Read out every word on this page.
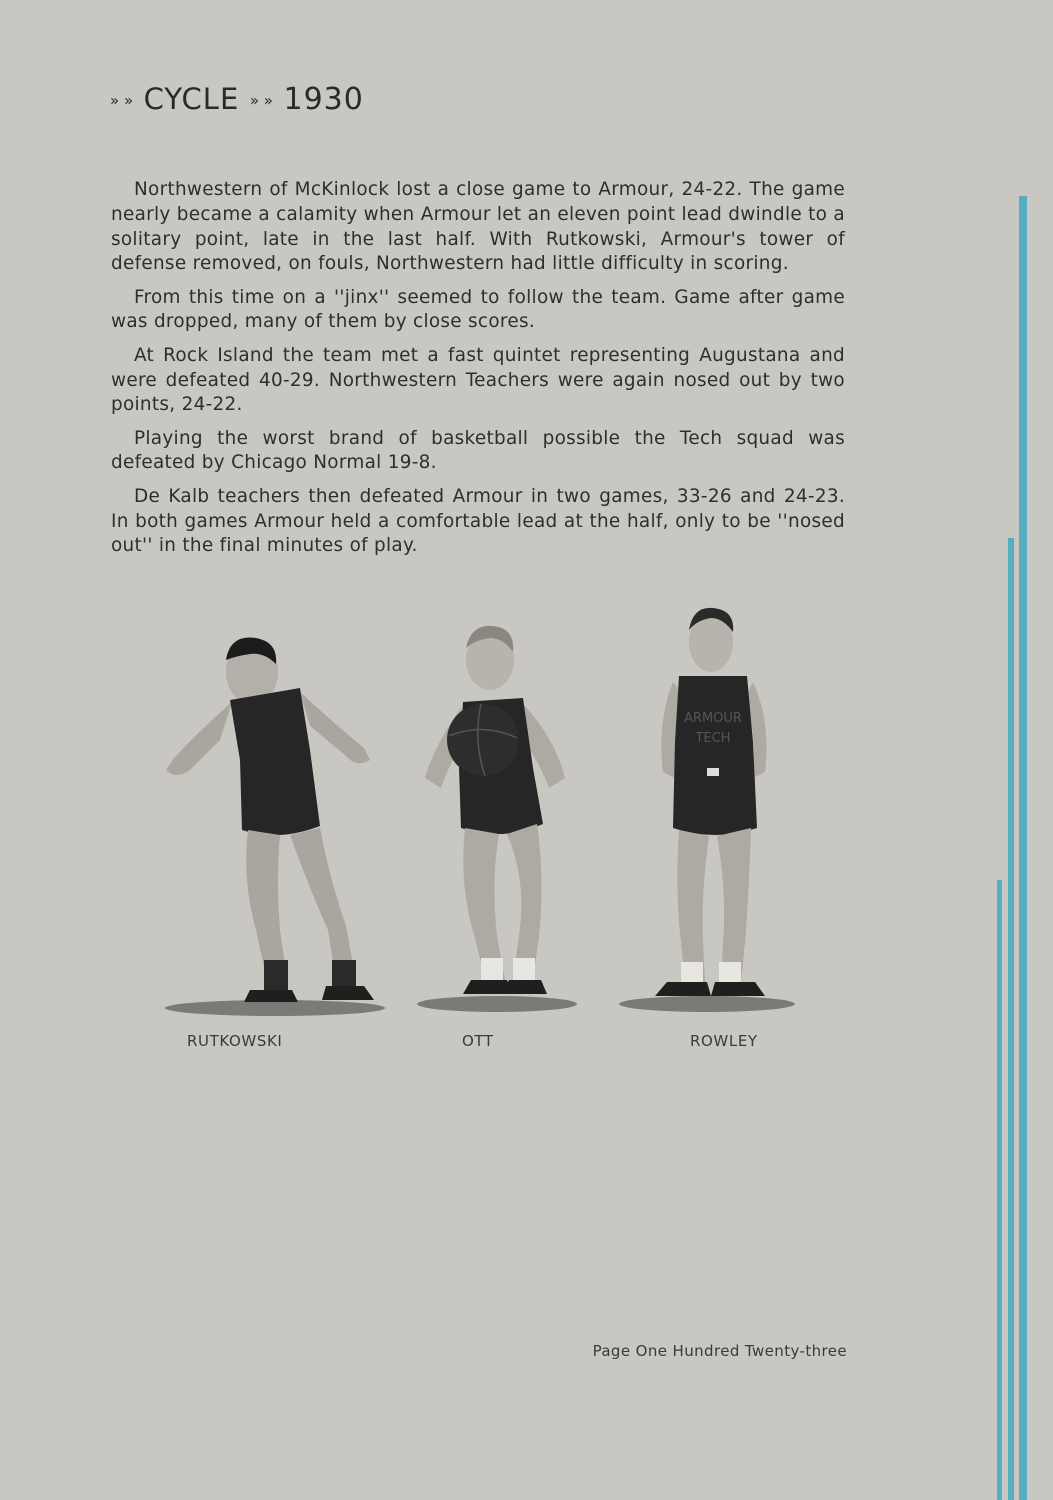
» » CYCLE » » 1930

Northwestern of McKinlock lost a close game to Armour, 24-22. The game nearly became a calamity when Armour let an eleven point lead dwindle to a solitary point, late in the last half. With Rutkowski, Armour's tower of defense removed, on fouls, Northwestern had little difficulty in scoring.

From this time on a ''jinx'' seemed to follow the team. Game after game was dropped, many of them by close scores.

At Rock Island the team met a fast quintet representing Augustana and were defeated 40-29. Northwestern Teachers were again nosed out by two points, 24-22.

Playing the worst brand of basketball possible the Tech squad was defeated by Chicago Normal 19-8.

De Kalb teachers then defeated Armour in two games, 33-26 and 24-23. In both games Armour held a comfortable lead at the half, only to be ''nosed out'' in the final minutes of play.

ARMOUR
TECH
RUTKOWSKI	OTT	ROWLEY
Page One Hundred Twenty-three
